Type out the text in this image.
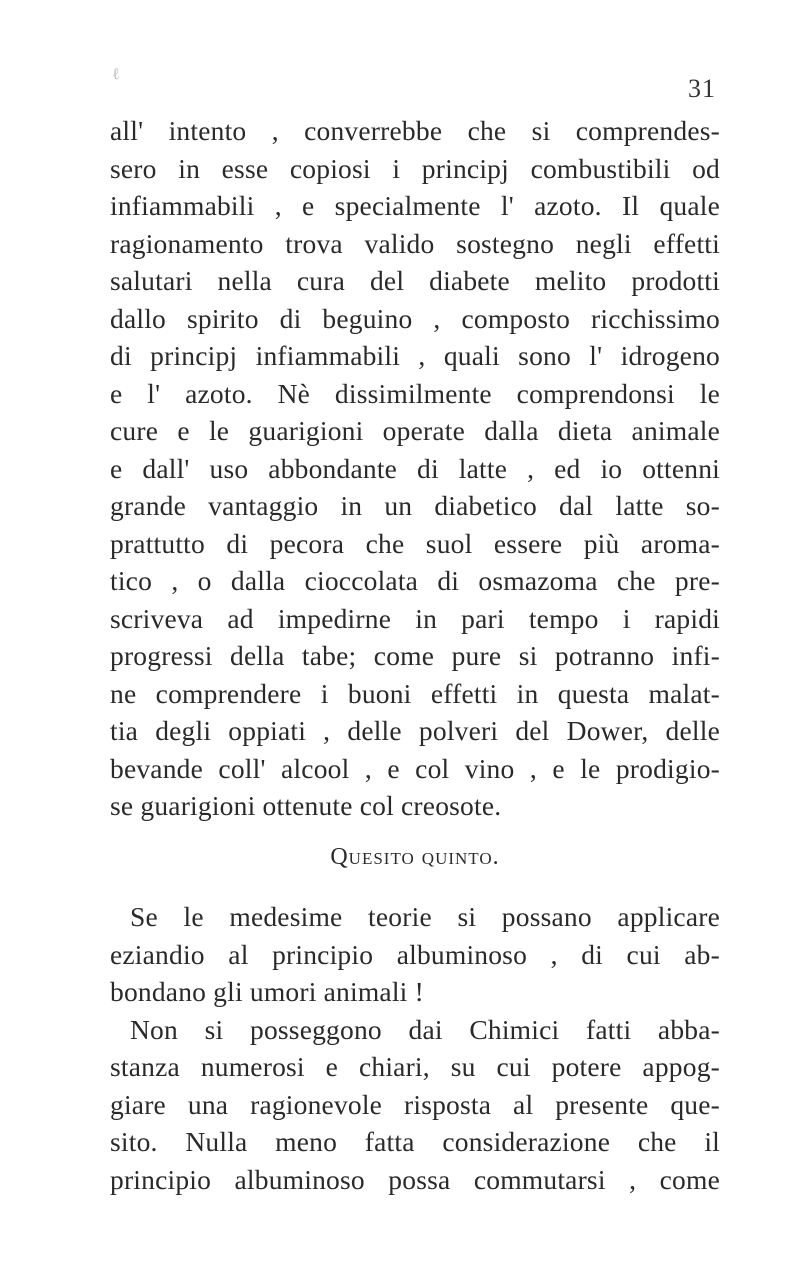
ℓ	31
all' intento , converrebbe che si comprendes-
sero in esse copiosi i principj combustibili od
infiammabili , e specialmente l' azoto. Il quale
ragionamento trova valido sostegno negli effetti
salutari nella cura del diabete melito prodotti
dallo spirito di beguino , composto ricchissimo
di principj infiammabili , quali sono l' idrogeno
e l' azoto. Nè dissimilmente comprendonsi le
cure e le guarigioni operate dalla dieta animale
e dall' uso abbondante di latte , ed io ottenni
grande vantaggio in un diabetico dal latte so-
prattutto di pecora che suol essere più aroma-
tico , o dalla cioccolata di osmazoma che pre-
scriveva ad impedirne in pari tempo i rapidi
progressi della tabe; come pure si potranno infi-
ne comprendere i buoni effetti in questa malat-
tia degli oppiati , delle polveri del Dower, delle
bevande coll' alcool , e col vino , e le prodigio-
se guarigioni ottenute col creosote.
Quesito quinto.
Se le medesime teorie si possano applicare
eziandio al principio albuminoso , di cui ab-
bondano gli umori animali !
Non si posseggono dai Chimici fatti abba-
stanza numerosi e chiari, su cui potere appog-
giare una ragionevole risposta al presente que-
sito. Nulla meno fatta considerazione che il
principio albuminoso possa commutarsi , come
